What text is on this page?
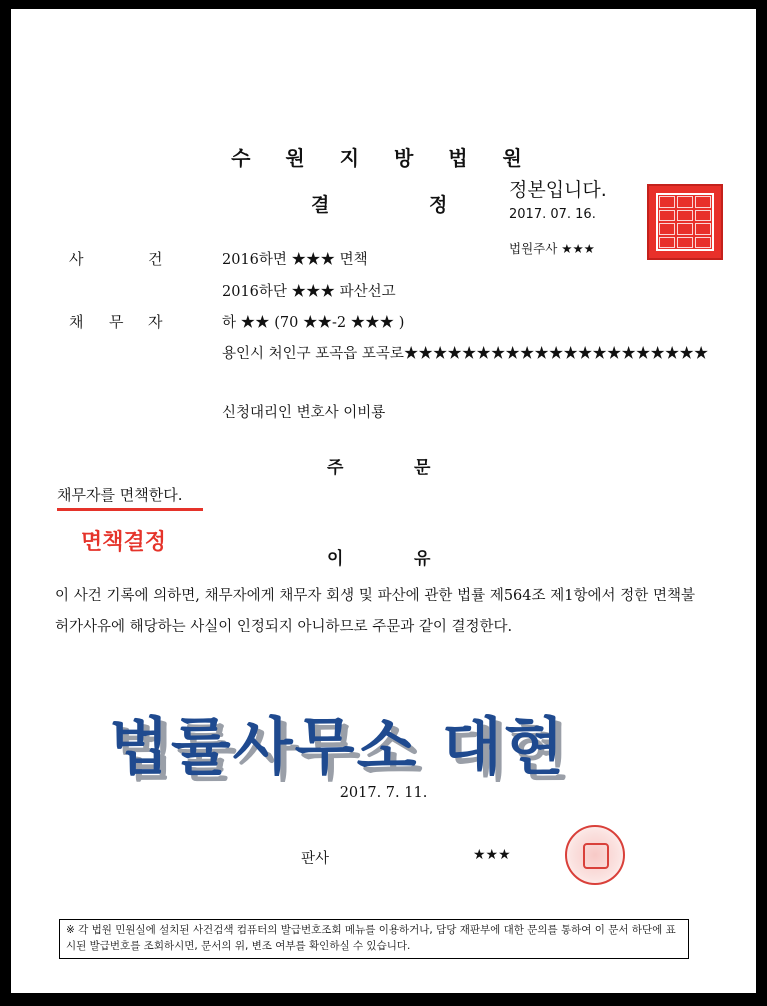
수 원 지 방 법 원
결	정
정본입니다.
2017. 07. 16.
법원주사 ★★★
사	건	2016하면 ★★★ 면책
2016하단 ★★★ 파산선고
채 무 자	하 ★★ (70 ★★-2 ★★★ )
용인시 처인구 포곡읍 포곡로★★★★★★★★★★★★★★★★★★★★★
신청대리인 변호사 이비룡
주	문
채무자를 면책한다.
면책결정
이	유
이 사건 기록에 의하면, 채무자에게 채무자 회생 및 파산에 관한 법률 제564조 제1항에서 정한 면책불허가사유에 해당하는 사실이 인정되지 아니하므로 주문과 같이 결정한다.
법률사무소 대현
2017. 7. 11.
판사	★★★
※ 각 법원 민원실에 설치된 사건검색 컴퓨터의 발급번호조회 메뉴를 이용하거나, 담당 재판부에 대한 문의를 통하여 이 문서 하단에 표시된 발급번호를 조회하시면, 문서의 위, 변조 여부를 확인하실 수 있습니다.
